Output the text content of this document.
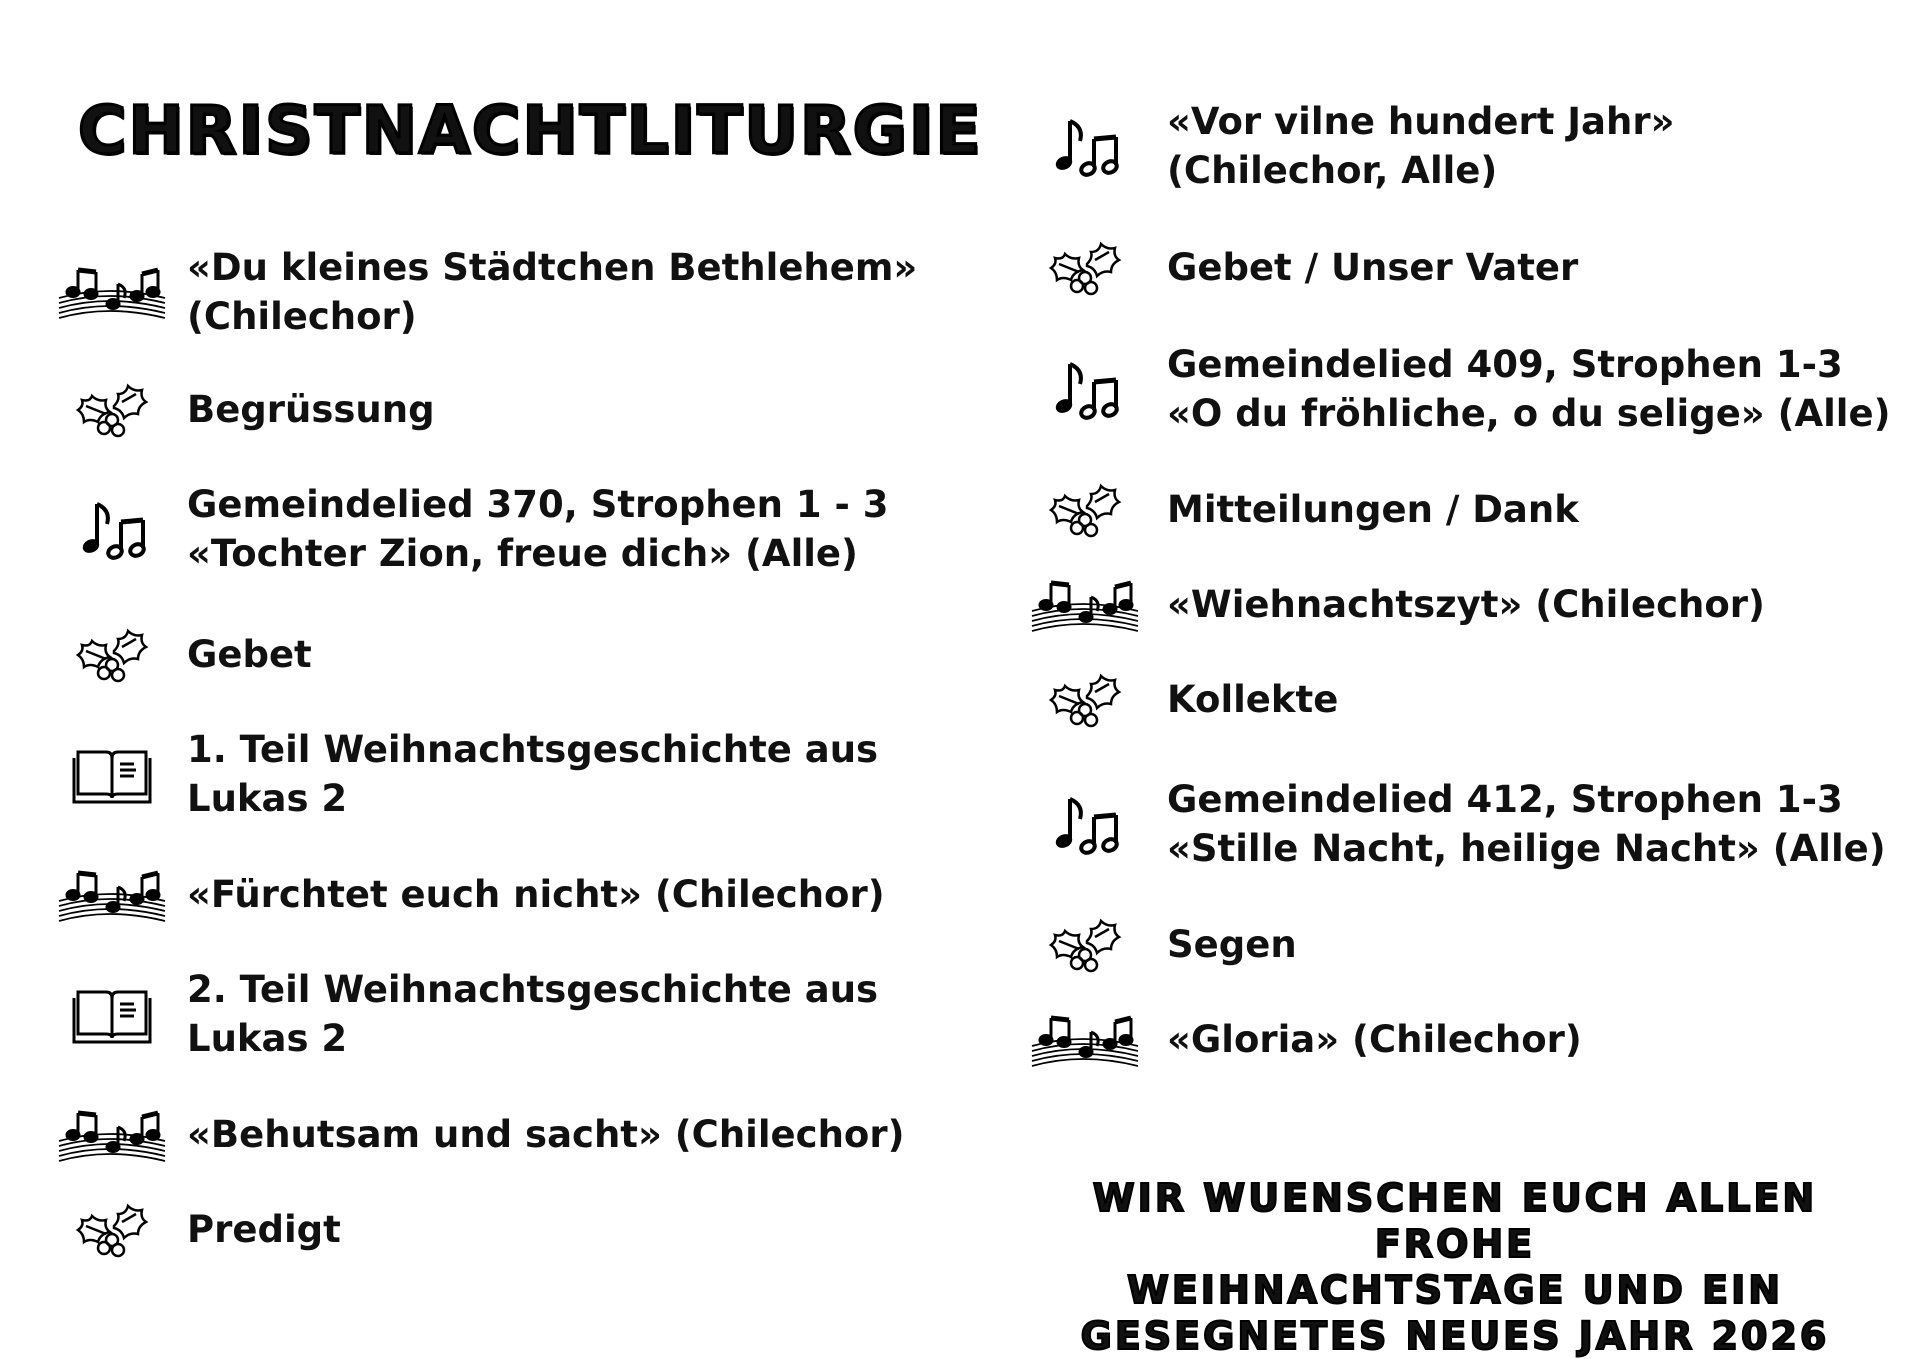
CHRISTNACHTLITURGIE
«Du kleines Städtchen Bethlehem»
(Chilechor)
Begrüssung
Gemeindelied 370, Strophen 1 - 3
«Tochter Zion, freue dich» (Alle)
Gebet
1. Teil Weihnachtsgeschichte aus
Lukas 2
«Fürchtet euch nicht» (Chilechor)
2. Teil Weihnachtsgeschichte aus
Lukas 2
«Behutsam und sacht» (Chilechor)
Predigt
«Vor vilne hundert Jahr»
(Chilechor, Alle)
Gebet / Unser Vater
Gemeindelied 409, Strophen 1-3
«O du fröhliche, o du selige» (Alle)
Mitteilungen / Dank
«Wiehnachtszyt» (Chilechor)
Kollekte
Gemeindelied 412, Strophen 1-3
«Stille Nacht, heilige Nacht» (Alle)
Segen
«Gloria» (Chilechor)
WIR WUENSCHEN EUCH ALLEN FROHE
WEIHNACHTSTAGE UND EIN
GESEGNETES NEUES JAHR 2026
